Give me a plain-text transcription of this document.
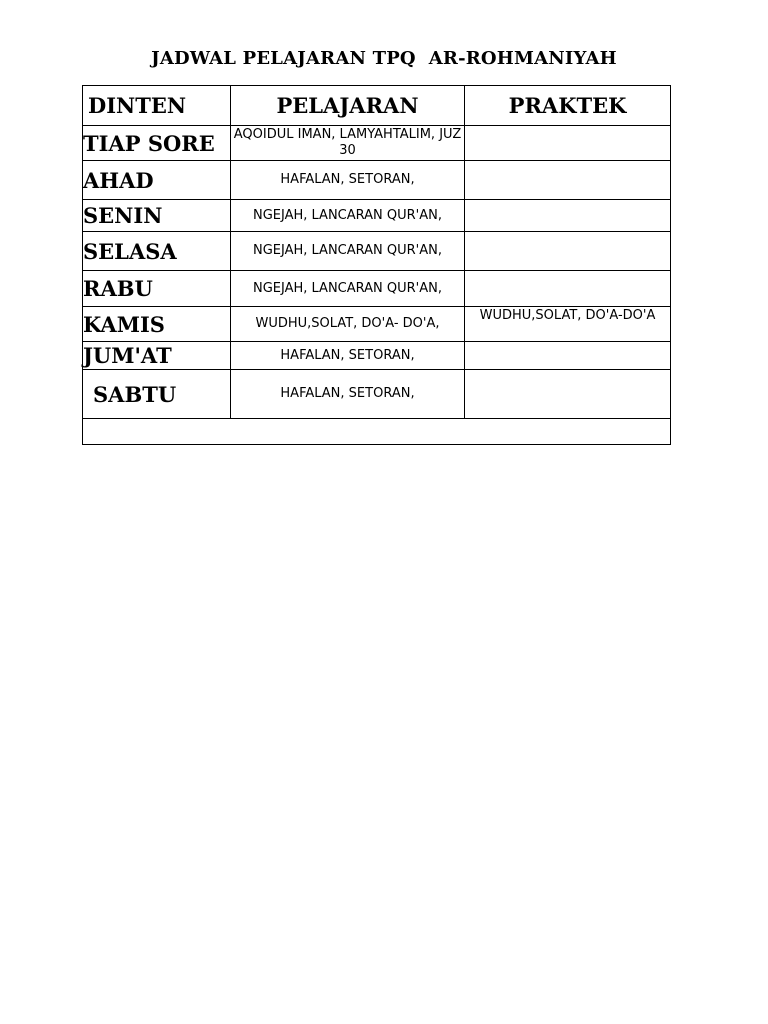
JADWAL PELAJARAN TPQ  AR-ROHMANIYAH
DINTEN	PELAJARAN	PRAKTEK
TIAP SORE	AQOIDUL IMAN, LAMYAHTALIM, JUZ 30	
AHAD	HAFALAN, SETORAN,	
SENIN	NGEJAH, LANCARAN QUR'AN,	
SELASA	NGEJAH, LANCARAN QUR'AN,	
RABU	NGEJAH, LANCARAN QUR'AN,	
KAMIS	WUDHU,SOLAT, DO'A- DO'A,	WUDHU,SOLAT, DO'A-DO'A
JUM'AT	HAFALAN, SETORAN,	
SABTU	HAFALAN, SETORAN,	
